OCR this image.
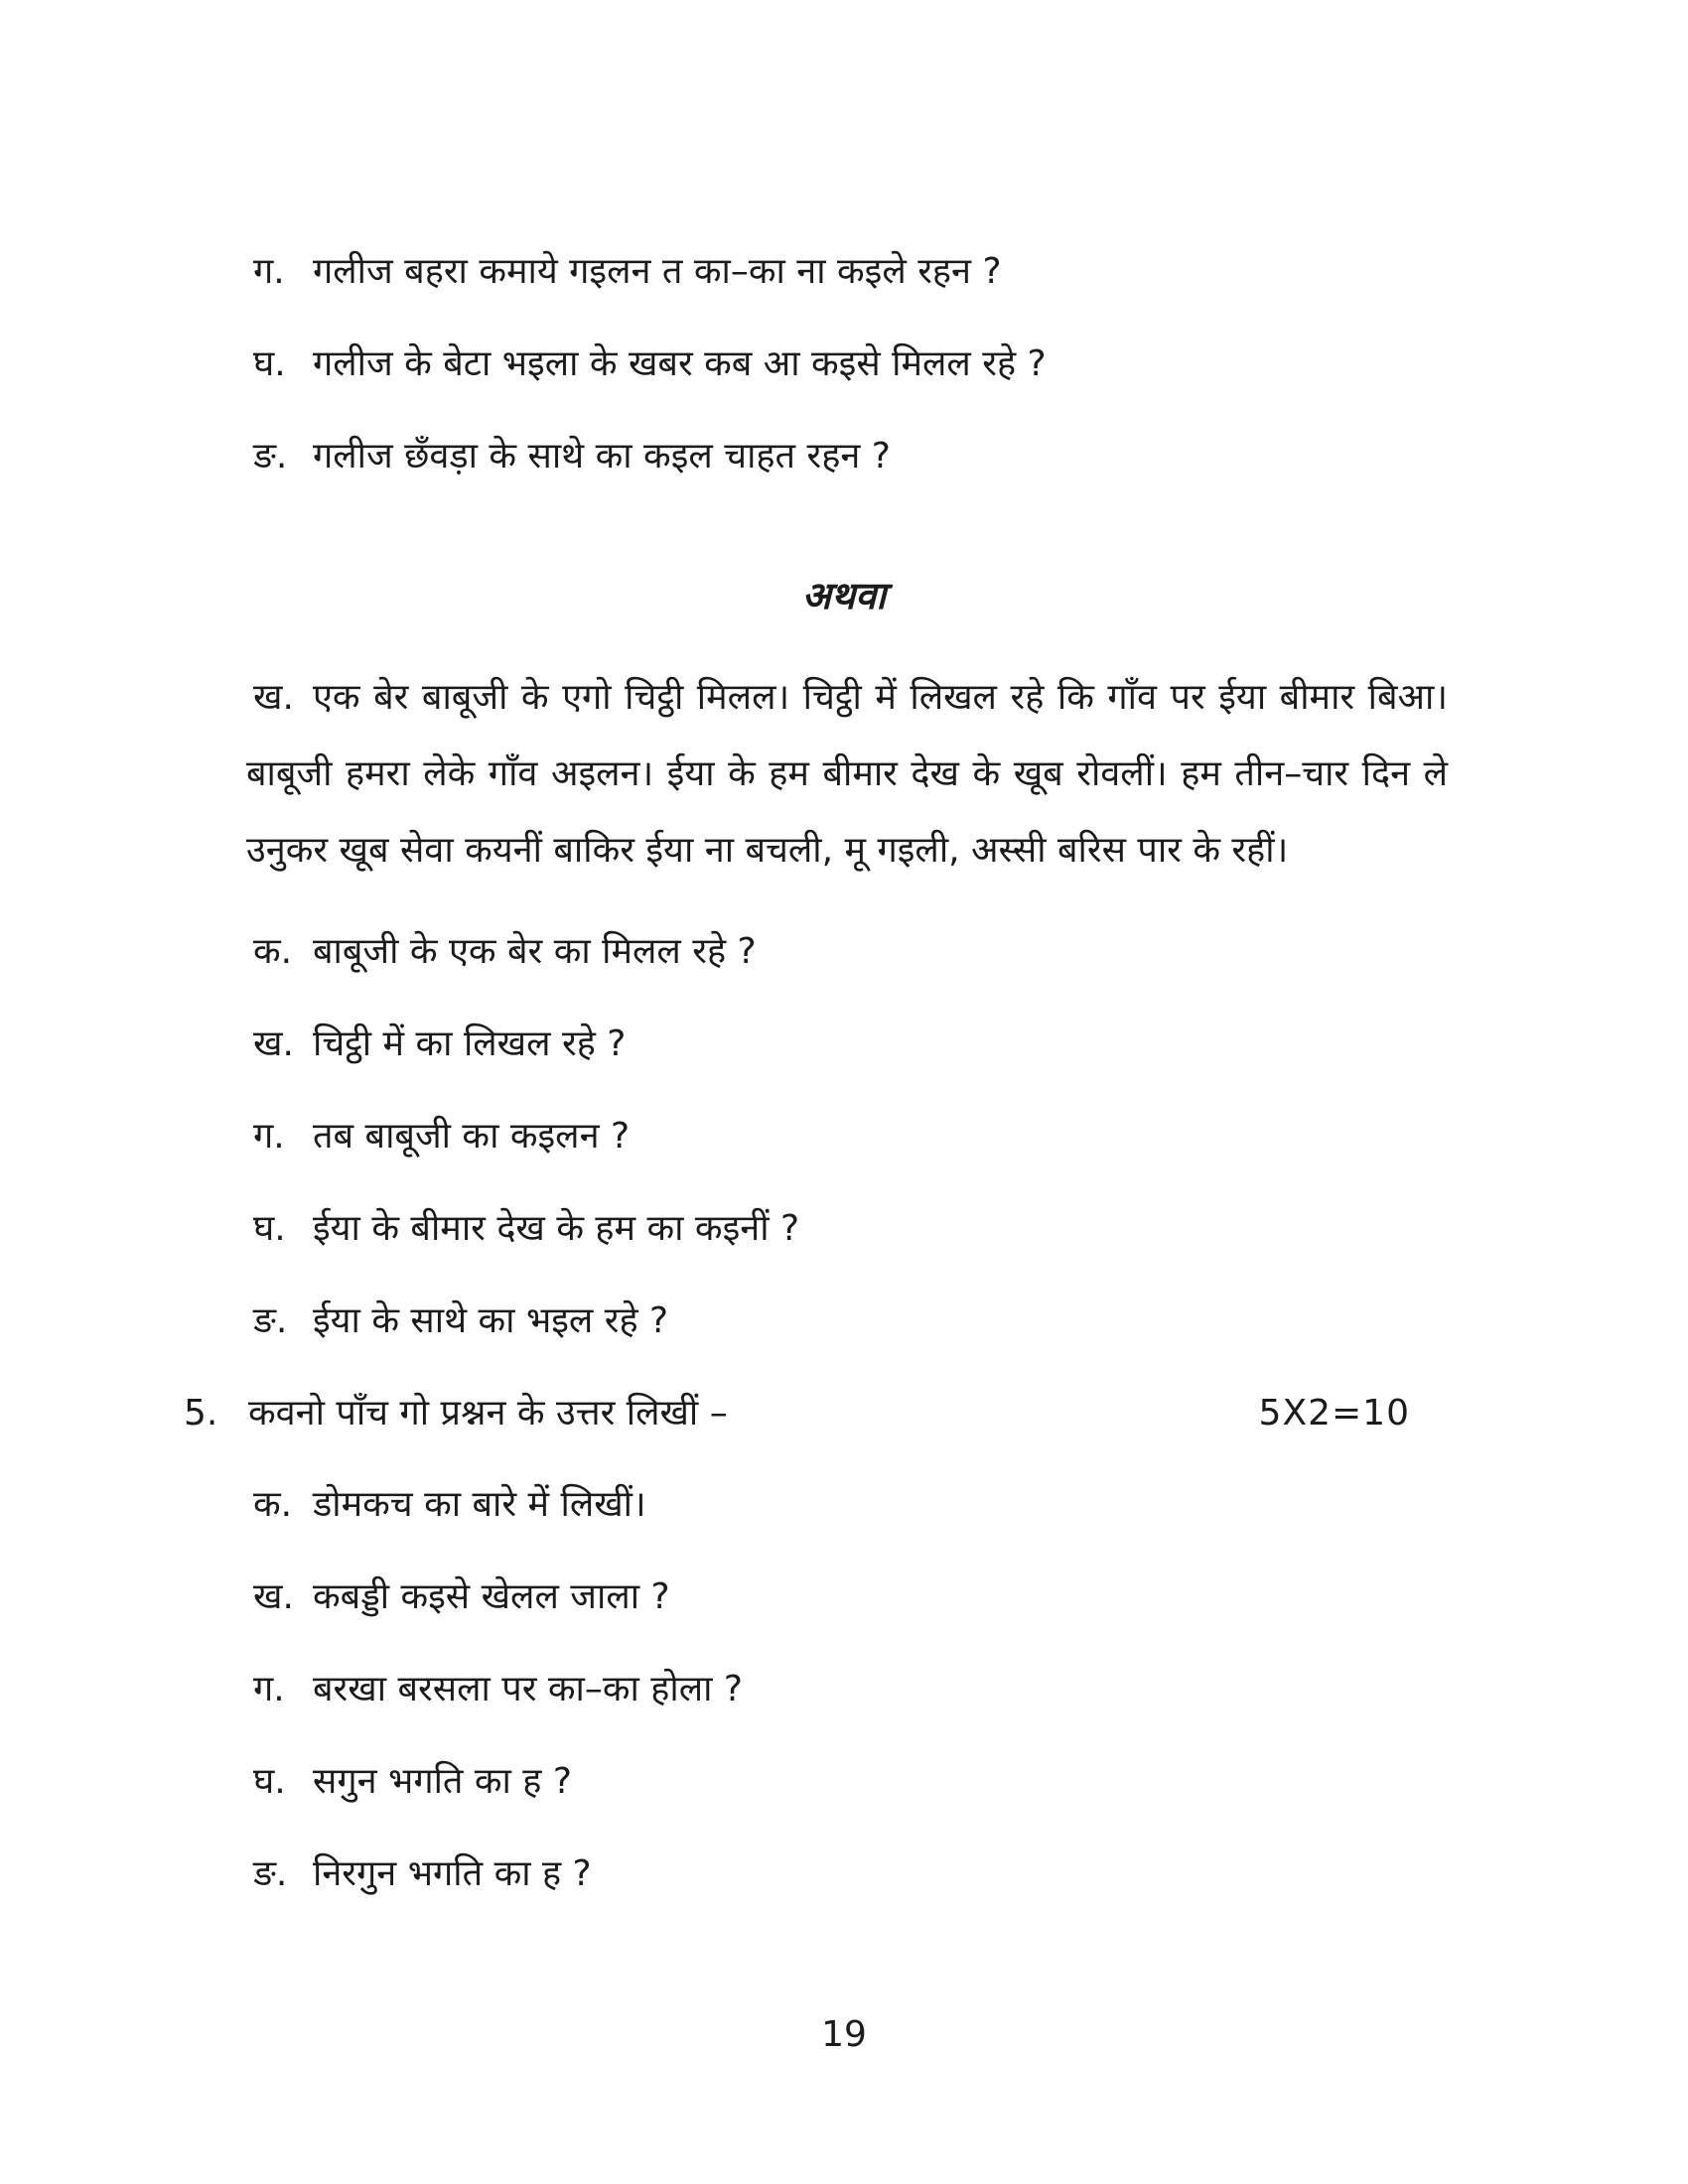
ग. गलीज बहरा कमाये गइलन त का–का ना कइले रहन ?
घ. गलीज के बेटा भइला के खबर कब आ कइसे मिलल रहे ?
ङ. गलीज छँवड़ा के साथे का कइल चाहत रहन ?
अथवा

ख. एक बेर बाबूजी के एगो चिट्ठी मिलल। चिट्ठी में लिखल रहे कि गाँव पर ईया बीमार बिआ। बाबूजी हमरा लेके गाँव अइलन। ईया के हम बीमार देख के खूब रोवलीं। हम तीन–चार दिन ले उनुकर खूब सेवा कयनीं बाकिर ईया ना बचली, मू गइली, अस्सी बरिस पार के रहीं।

क. बाबूजी के एक बेर का मिलल रहे ?
ख. चिट्ठी में का लिखल रहे ?
ग. तब बाबूजी का कइलन ?
घ. ईया के बीमार देख के हम का कइनीं ?
ङ. ईया के साथे का भइल रहे ?
5. कवनो पाँच गो प्रश्नन के उत्तर लिखीं –	5X2=10
क. डोमकच का बारे में लिखीं।
ख. कबड्डी कइसे खेलल जाला ?
ग. बरखा बरसला पर का–का होला ?
घ. सगुन भगति का ह ?
ङ. निरगुन भगति का ह ?
19
